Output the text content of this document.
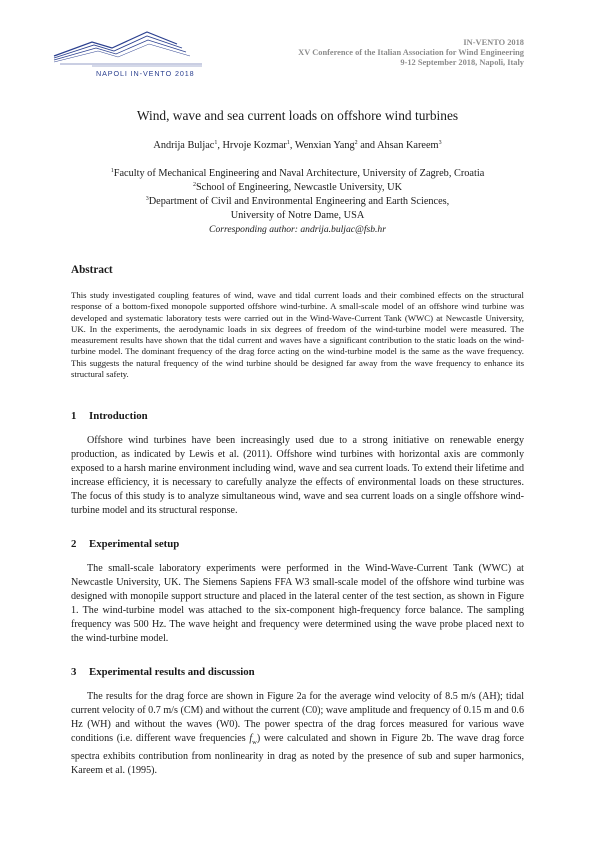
NAPOLI IN-VENTO 2018
IN-VENTO 2018
XV Conference of the Italian Association for Wind Engineering
9-12 September 2018, Napoli, Italy
Wind, wave and sea current loads on offshore wind turbines
Andrija Buljac$^1$, Hrvoje Kozmar$^1$, Wenxian Yang$^2$ and Ahsan Kareem$^3$
$^1$Faculty of Mechanical Engineering and Naval Architecture, University of Zagreb, Croatia
$^2$School of Engineering, Newcastle University, UK
$^3$Department of Civil and Environmental Engineering and Earth Sciences,
University of Notre Dame, USA
Corresponding author: andrija.buljac@fsb.hr
Abstract
This study investigated coupling features of wind, wave and tidal current loads and their combined effects on the structural response of a bottom-fixed monopole supported offshore wind-turbine. A small-scale model of an offshore wind turbine was developed and systematic laboratory tests were carried out in the Wind-Wave-Current Tank (WWC) at Newcastle University, UK. In the experiments, the aerodynamic loads in six degrees of freedom of the wind-turbine model were measured. The measurement results have shown that the tidal current and waves have a significant contribution to the static loads on the wind-turbine model. The dominant frequency of the drag force acting on the wind-turbine model is the same as the wave frequency. This suggests the natural frequency of the wind turbine should be designed far away from the wave frequency to enhance its structural safety.
1 Introduction
Offshore wind turbines have been increasingly used due to a strong initiative on renewable energy production, as indicated by Lewis et al. (2011). Offshore wind turbines with horizontal axis are commonly exposed to a harsh marine environment including wind, wave and sea current loads. To extend their lifetime and increase efficiency, it is necessary to carefully analyze the effects of environmental loads on these structures. The focus of this study is to analyze simultaneous wind, wave and sea current loads on a single offshore wind-turbine model and its structural response.
2 Experimental setup
The small-scale laboratory experiments were performed in the Wind-Wave-Current Tank (WWC) at Newcastle University, UK. The Siemens Sapiens FFA W3 small-scale model of the offshore wind turbine was designed with monopile support structure and placed in the lateral center of the test section, as shown in Figure 1. The wind-turbine model was attached to the six-component high-frequency force balance. The sampling frequency was 500 Hz. The wave height and frequency were determined using the wave probe placed next to the wind-turbine model.
3 Experimental results and discussion
The results for the drag force are shown in Figure 2a for the average wind velocity of 8.5 m/s (AH); tidal current velocity of 0.7 m/s (CM) and without the current (C0); wave amplitude and frequency of 0.15 m and 0.6 Hz (WH) and without the waves (W0). The power spectra of the drag forces measured for various wave conditions (i.e. different wave frequencies $f_w$) were calculated and shown in Figure 2b. The wave drag force spectra exhibits contribution from nonlinearity in drag as noted by the presence of sub and super harmonics, Kareem et al. (1995).
